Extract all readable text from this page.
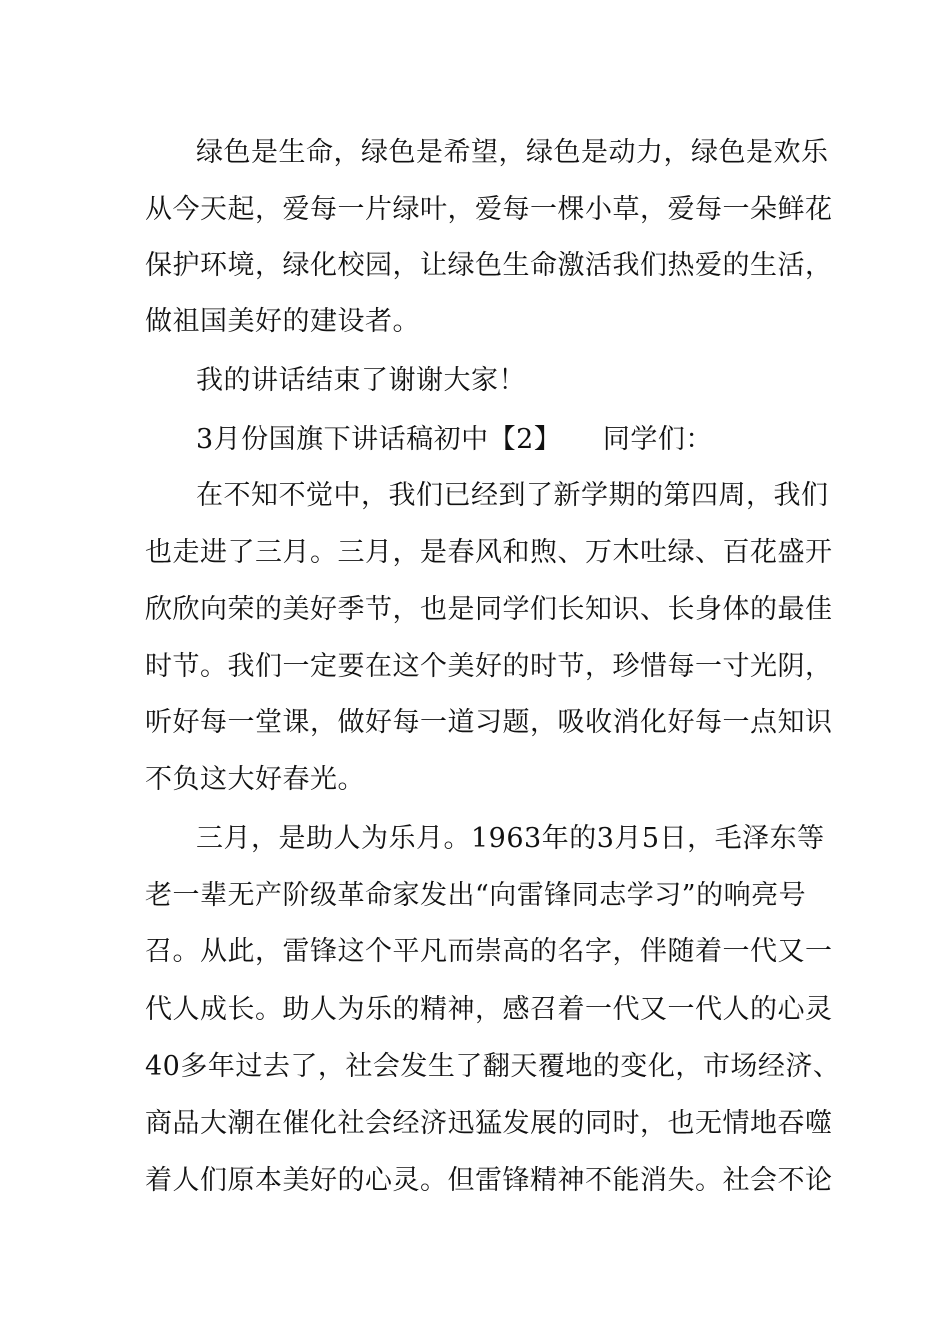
绿色是生命，绿色是希望，绿色是动力，绿色是欢乐
从今天起，爱每一片绿叶，爱每一棵小草，爱每一朵鲜花
保护环境，绿化校园，让绿色生命激活我们热爱的生活，
做祖国美好的建设者。
我的讲话结束了谢谢大家！
3月份国旗下讲话稿初中【2】　　同学们：
在不知不觉中，我们已经到了新学期的第四周，我们
也走进了三月。三月，是春风和煦、万木吐绿、百花盛开
欣欣向荣的美好季节，也是同学们长知识、长身体的最佳
时节。我们一定要在这个美好的时节，珍惜每一寸光阴，
听好每一堂课，做好每一道习题，吸收消化好每一点知识
不负这大好春光。
三月，是助人为乐月。1963年的3月5日，毛泽东等
老一辈无产阶级革命家发出“向雷锋同志学习”的响亮号
召。从此，雷锋这个平凡而崇高的名字，伴随着一代又一
代人成长。助人为乐的精神，感召着一代又一代人的心灵
40多年过去了，社会发生了翻天覆地的变化，市场经济、
商品大潮在催化社会经济迅猛发展的同时，也无情地吞噬
着人们原本美好的心灵。但雷锋精神不能消失。社会不论
